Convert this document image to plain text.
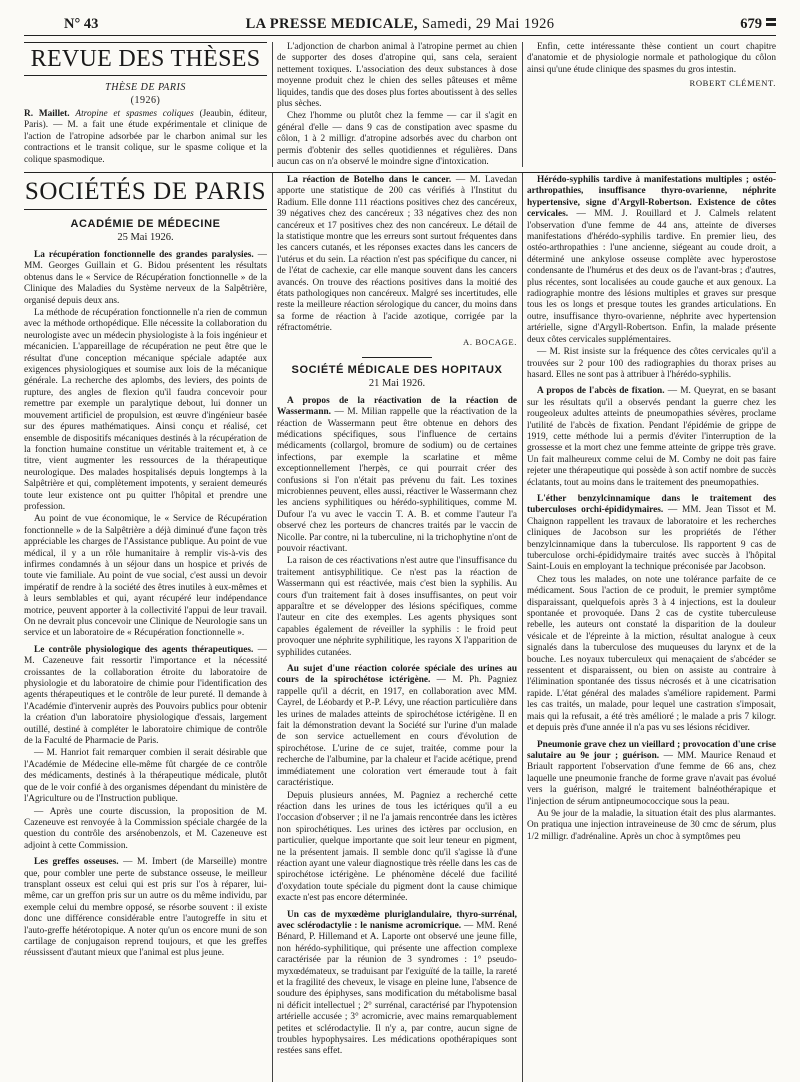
N° 43	LA PRESSE MEDICALE, Samedi, 29 Mai 1926	679
REVUE DES THÈSES
THÈSE DE PARIS
(1926)

R. Maillet. Atropine et spasmes coliques (Jeaubin, éditeur, Paris). — M. a fait une étude expérimentale et clinique de l'action de l'atropine adsorbée par le charbon animal sur les contractions et le transit colique, sur le spasme colique et la colique spasmodique.

L'adjonction de charbon animal à l'atropine permet au chien de supporter des doses d'atropine qui, sans cela, seraient nettement toxiques. L'association des deux substances à dose moyenne produit chez le chien des selles pâteuses et même liquides, tandis que des doses plus fortes aboutissent à des selles plus sèches.

Chez l'homme ou plutôt chez la femme — car il s'agit en général d'elle — dans 9 cas de constipation avec spasme du côlon, 1 à 2 milligr. d'atropine adsorbés avec du charbon ont permis d'obtenir des selles quotidiennes et régulières. Dans aucun cas on n'a observé le moindre signe d'intoxication.

Enfin, cette intéressante thèse contient un court chapitre d'anatomie et de physiologie normale et pathologique du côlon ainsi qu'une étude clinique des spasmes du gros intestin.

ROBERT CLÉMENT.
SOCIÉTÉS DE PARIS
ACADÉMIE DE MÉDECINE
25 Mai 1926.

La récupération fonctionnelle des grandes paralysies. — MM. Georges Guillain et G. Bidou présentent les résultats obtenus dans le « Service de Récupération fonctionnelle » de la Clinique des Maladies du Système nerveux de la Salpêtrière, organisé depuis deux ans.

La méthode de récupération fonctionnelle n'a rien de commun avec la méthode orthopédique. Elle nécessite la collaboration du neurologiste avec un médecin physiologiste à la fois ingénieur et mécanicien. L'appareillage de récupération ne peut être que le résultat d'une conception mécanique spéciale adaptée aux exigences physiologiques et soumise aux lois de la mécanique générale. La recherche des aplombs, des leviers, des points de rupture, des angles de flexion qu'il faudra concevoir pour remettre par exemple un paralytique debout, lui donner un mouvement artificiel de propulsion, est œuvre d'ingénieur basée sur des épures mathématiques. Ainsi conçu et réalisé, cet ensemble de dispositifs mécaniques destinés à la récupération de la fonction humaine constitue un véritable traitement et, à ce titre, vient augmenter les ressources de la thérapeutique neurologique. Des malades hospitalisés depuis longtemps à la Salpêtrière et qui, complètement impotents, y seraient demeurés toute leur existence ont pu quitter l'hôpital et prendre une profession.

Au point de vue économique, le « Service de Récupération fonctionnelle » de la Salpêtrière a déjà diminué d'une façon très appréciable les charges de l'Assistance publique. Au point de vue médical, il y a un rôle humanitaire à remplir vis-à-vis des infirmes condamnés à un séjour dans un hospice et privés de toute vie familiale. Au point de vue social, c'est aussi un devoir impératif de rendre à la société des êtres inutiles à eux-mêmes et à leurs semblables et qui, ayant récupéré leur indépendance motrice, peuvent apporter à la collectivité l'appui de leur travail. On ne devrait plus concevoir une Clinique de Neurologie sans un service et un laboratoire de « Récupération fonctionnelle ».

Le contrôle physiologique des agents thérapeutiques. — M. Cazeneuve fait ressortir l'importance et la nécessité croissantes de la collaboration étroite du laboratoire de physiologie et du laboratoire de chimie pour l'identification des agents thérapeutiques et le contrôle de leur pureté. Il demande à l'Académie d'intervenir auprès des Pouvoirs publics pour obtenir la création d'un laboratoire physiologique d'essais, largement outillé, destiné à compléter le laboratoire chimique de contrôle de la Faculté de Pharmacie de Paris.

— M. Hanriot fait remarquer combien il serait désirable que l'Académie de Médecine elle-même fût chargée de ce contrôle des médicaments, destinés à la thérapeutique médicale, plutôt que de le voir confié à des organismes dépendant du ministère de l'Agriculture ou de l'Instruction publique.

— Après une courte discussion, la proposition de M. Cazeneuve est renvoyée à la Commission spéciale chargée de la question du contrôle des arsénobenzols, et M. Cazeneuve est adjoint à cette Commission.

Les greffes osseuses. — M. Imbert (de Marseille) montre que, pour combler une perte de substance osseuse, le meilleur transplant osseux est celui qui est pris sur l'os à réparer, lui-même, car un greffon pris sur un autre os du même individu, par exemple celui du membre opposé, se résorbe souvent : il existe donc une différence considérable entre l'autogreffe in situ et l'auto-greffe hétérotopique. A noter qu'un os encore muni de son cartilage de conjugaison reprend toujours, et que les greffes réussissent d'autant mieux que l'animal est plus jeune.

La réaction de Botelho dans le cancer. — M. Lavedan apporte une statistique de 200 cas vérifiés à l'Institut du Radium. Elle donne 111 réactions positives chez des cancéreux, 39 négatives chez des cancéreux ; 33 négatives chez des non cancéreux et 17 positives chez des non cancéreux. Le détail de la statistique montre que les erreurs sont surtout fréquentes dans les cancers cutanés, et les réponses exactes dans les cancers de l'utérus et du sein. La réaction n'est pas spécifique du cancer, ni de l'état de cachexie, car elle manque souvent dans les cancers avancés. On trouve des réactions positives dans la moitié des états pathologiques non cancéreux. Malgré ses incertitudes, elle reste la meilleure réaction sérologique du cancer, du moins dans sa forme de réaction à l'acide azotique, corrigée par la réfractométrie.

A. BOCAGE.
SOCIÉTÉ MÉDICALE DES HOPITAUX
21 Mai 1926.

A propos de la réactivation de la réaction de Wassermann. — M. Milian rappelle que la réactivation de la réaction de Wassermann peut être obtenue en dehors des médications spécifiques, sous l'influence de certains médicaments (collargol, bromure de sodium) ou de certaines infections, par exemple la scarlatine et même exceptionnellement l'herpès, ce qui pourrait créer des confusions si l'on n'était pas prévenu du fait. Les toxines microbiennes peuvent, elles aussi, réactiver le Wassermann chez les anciens syphilitiques ou hérédo-syphilitiques, comme M. Dufour l'a vu avec le vaccin T. A. B. et comme l'auteur l'a observé chez les porteurs de chancres traités par le vaccin de Nicolle. Par contre, ni la tuberculine, ni la trichophytine n'ont de pouvoir réactivant.

La raison de ces réactivations n'est autre que l'insuffisance du traitement antisyphilitique. Ce n'est pas la réaction de Wassermann qui est réactivée, mais c'est bien la syphilis. Au cours d'un traitement fait à doses insuffisantes, on peut voir apparaître et se développer des lésions spécifiques, comme l'auteur en cite des exemples. Les agents physiques sont capables également de réveiller la syphilis : le froid peut provoquer une néphrite syphilitique, les rayons X l'apparition de syphilides cutanées.

Au sujet d'une réaction colorée spéciale des urines au cours de la spirochétose ictérigène. — M. Ph. Pagniez rappelle qu'il a décrit, en 1917, en collaboration avec MM. Cayrel, de Léobardy et P.-P. Lévy, une réaction particulière dans les urines de malades atteints de spirochétose ictérigène. Il en fait la démonstration devant la Société sur l'urine d'un malade de son service actuellement en cours d'évolution de spirochétose. L'urine de ce sujet, traitée, comme pour la recherche de l'albumine, par la chaleur et l'acide acétique, prend immédiatement une coloration vert émeraude tout à fait caractéristique.

Depuis plusieurs années, M. Pagniez a recherché cette réaction dans les urines de tous les ictériques qu'il a eu l'occasion d'observer ; il ne l'a jamais rencontrée dans les ictères non spirochétiques. Les urines des ictères par occlusion, en particulier, quelque importante que soit leur teneur en pigment, ne la présentent jamais. Il semble donc qu'il s'agisse là d'une réaction ayant une valeur diagnostique très réelle dans les cas de spirochétose ictérigène. Le phénomène décelé due facilité d'oxydation toute spéciale du pigment dont la cause chimique exacte n'est pas encore déterminée.

Un cas de myxœdème pluriglandulaire, thyro-surrénal, avec sclérodactylie : le nanisme acromicrique. — MM. René Bénard, P. Hillemand et A. Laporte ont observé une jeune fille, non hérédo-syphilitique, qui présente une affection complexe caractérisée par la réunion de 3 syndromes : 1° pseudo-myxœdémateux, se traduisant par l'exiguïté de la taille, la rareté et la fragilité des cheveux, le visage en pleine lune, l'absence de soudure des épiphyses, sans modification du métabolisme basal ni déficit intellectuel ; 2° surrénal, caractérisé par l'hypotension artérielle accusée ; 3° acromicrie, avec mains remarquablement petites et sclérodactylie. Il n'y a, par contre, aucun signe de troubles hypophysaires. Les médications opothérapiques sont restées sans effet.

Hérédo-syphilis tardive à manifestations multiples ; ostéo-arthropathies, insuffisance thyro-ovarienne, néphrite hypertensive, signe d'Argyll-Robertson. Existence de côtes cervicales. — MM. J. Rouillard et J. Calmels relatent l'observation d'une femme de 44 ans, atteinte de diverses manifestations d'hérédo-syphilis tardive. En premier lieu, des ostéo-arthropathies : l'une ancienne, siégeant au coude droit, a déterminé une ankylose osseuse complète avec hyperostose condensante de l'humérus et des deux os de l'avant-bras ; d'autres, plus récentes, sont localisées au coude gauche et aux genoux. La radiographie montre des lésions multiples et graves sur presque tous les os longs et presque toutes les grandes articulations. En outre, insuffisance thyro-ovarienne, néphrite avec hypertension artérielle, signe d'Argyll-Robertson. Enfin, la malade présente deux côtes cervicales supplémentaires.

— M. Rist insiste sur la fréquence des côtes cervicales qu'il a trouvées sur 2 pour 100 des radiographies du thorax prises au hasard. Elles ne sont pas à attribuer à l'hérédo-syphilis.

A propos de l'abcès de fixation. — M. Queyrat, en se basant sur les résultats qu'il a observés pendant la guerre chez les rougeoleux adultes atteints de pneumopathies sévères, proclame l'utilité de l'abcès de fixation. Pendant l'épidémie de grippe de 1919, cette méthode lui a permis d'éviter l'interruption de la grossesse et la mort chez une femme atteinte de grippe très grave. Un fait malheureux comme celui de M. Comby ne doit pas faire rejeter une thérapeutique qui possède à son actif nombre de succès éclatants, tout au moins dans le traitement des pneumopathies.

L'éther benzylcinnamique dans le traitement des tuberculoses orchi-épididymaires. — MM. Jean Tissot et M. Chaignon rappellent les travaux de laboratoire et les recherches cliniques de Jacobson sur les propriétés de l'éther benzylcinnamique dans la tuberculose. Ils rapportent 9 cas de tuberculose orchi-épididymaire traités avec succès à l'hôpital Saint-Louis en employant la technique préconisée par Jacobson.

Chez tous les malades, on note une tolérance parfaite de ce médicament. Sous l'action de ce produit, le premier symptôme disparaissant, quelquefois après 3 à 4 injections, est la douleur spontanée et provoquée. Dans 2 cas de cystite tuberculeuse rebelle, les auteurs ont constaté la disparition de la douleur vésicale et de l'épreinte à la miction, résultat analogue à ceux signalés dans la tuberculose des muqueuses du larynx et de la bouche. Les noyaux tuberculeux qui menaçaient de s'abcéder se ressentent et disparaissent, ou bien on assiste au contraire à l'élimination spontanée des tissus nécrosés et à une cicatrisation rapide. L'état général des malades s'améliore rapidement. Parmi les cas traités, un malade, pour lequel une castration s'imposait, mais qui la refusait, a été très amélioré ; le malade a pris 7 kilogr. et depuis près d'une année il n'a pas vu ses lésions récidiver.

Pneumonie grave chez un vieillard ; provocation d'une crise salutaire au 9e jour ; guérison. — MM. Maurice Renaud et Briault rapportent l'observation d'une femme de 66 ans, chez laquelle une pneumonie franche de forme grave n'avait pas évolué vers la guérison, malgré le traitement balnéothérapique et l'injection de sérum antipneumococcique sous la peau.

Au 9e jour de la maladie, la situation était des plus alarmantes. On pratiqua une injection intraveineuse de 30 cmc de sérum, plus 1/2 milligr. d'adrénaline. Après un choc à symptômes peu
